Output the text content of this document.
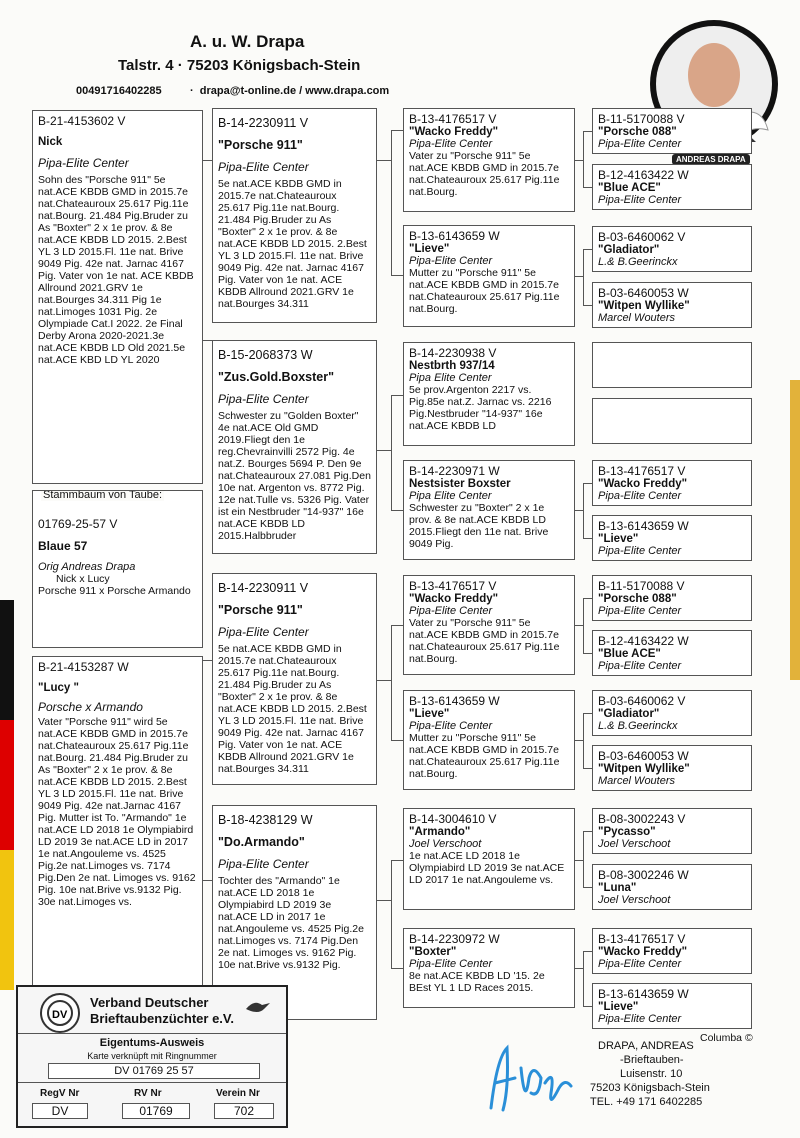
A. u. W. Drapa
Talstr. 4 · 75203 Königsbach-Stein
00491716402285	·  drapa@t-online.de / www.drapa.com
ANDREAS DRAPA
B-21-4153602 V
Nick
Pipa-Elite Center
Sohn des "Porsche 911" 5e nat.ACE KBDB GMD in 2015.7e nat.Chateauroux 25.617 Pig.11e nat.Bourg. 21.484 Pig.Bruder zu As "Boxter" 2 x 1e prov. & 8e nat.ACE KBDB LD 2015. 2.Best YL 3 LD 2015.Fl. 11e nat. Brive 9049 Pig. 42e nat. Jarnac 4167 Pig. Vater von 1e nat. ACE KBDB Allround 2021.GRV 1e nat.Bourges 34.311 Pig 1e nat.Limoges 1031 Pig. 2e Olympiade Cat.I 2022. 2e Final Derby Arona 2020-2021.3e nat.ACE KBDB LD Old 2021.5e nat.ACE KBD LD YL 2020
Stammbaum von Taube:
01769-25-57 V
Blaue 57
Orig Andreas Drapa
Nick x Lucy
Porsche 911 x Porsche Armando
B-21-4153287 W
"Lucy "
Porsche x Armando
Vater "Porsche 911" wird 5e nat.ACE KBDB GMD in 2015.7e nat.Chateauroux 25.617 Pig.11e nat.Bourg. 21.484 Pig.Bruder zu As "Boxter" 2 x 1e prov. & 8e nat.ACE KBDB LD 2015. 2.Best YL 3 LD 2015.Fl. 11e nat. Brive 9049 Pig. 42e nat.Jarnac 4167 Pig. Mutter ist To. "Armando" 1e nat.ACE LD 2018 1e Olympiabird LD 2019 3e nat.ACE LD in 2017 1e nat.Angouleme vs. 4525 Pig.2e nat.Limoges vs. 7174 Pig.Den 2e nat. Limoges vs. 9162 Pig. 10e nat.Brive vs.9132 Pig. 30e nat.Limoges vs.
B-14-2230911 V
"Porsche 911"
Pipa-Elite Center
5e nat.ACE KBDB GMD in 2015.7e nat.Chateauroux 25.617 Pig.11e nat.Bourg. 21.484 Pig.Bruder zu As "Boxter" 2 x 1e prov. & 8e nat.ACE KBDB LD 2015. 2.Best YL 3 LD 2015.Fl. 11e nat. Brive 9049 Pig. 42e nat. Jarnac 4167 Pig. Vater von 1e nat. ACE KBDB Allround 2021.GRV 1e nat.Bourges 34.311
B-15-2068373 W
"Zus.Gold.Boxster"
Pipa-Elite Center
Schwester zu "Golden Boxter" 4e nat.ACE Old GMD 2019.Fliegt den 1e reg.Chevrainvilli 2572 Pig. 4e nat.Z. Bourges 5694 P. Den 9e nat.Chateauroux 27.081 Pig.Den 10e nat. Argenton vs. 8772 Pig. 12e nat.Tulle vs. 5326 Pig. Vater ist ein Nestbruder "14-937" 16e nat.ACE KBDB LD 2015.Halbbruder
B-14-2230911 V
"Porsche 911"
Pipa-Elite Center
5e nat.ACE KBDB GMD in 2015.7e nat.Chateauroux 25.617 Pig.11e nat.Bourg. 21.484 Pig.Bruder zu As "Boxter" 2 x 1e prov. & 8e nat.ACE KBDB LD 2015. 2.Best YL 3 LD 2015.Fl. 11e nat. Brive 9049 Pig. 42e nat. Jarnac 4167 Pig. Vater von 1e nat. ACE KBDB Allround 2021.GRV 1e nat.Bourges 34.311
B-18-4238129 W
"Do.Armando"
Pipa-Elite Center
Tochter des "Armando" 1e nat.ACE LD 2018 1e Olympiabird LD 2019 3e nat.ACE LD in 2017 1e nat.Angouleme vs. 4525 Pig.2e nat.Limoges vs. 7174 Pig.Den 2e nat. Limoges vs. 9162 Pig. 10e nat.Brive vs.9132 Pig.
B-13-4176517 V
"Wacko Freddy"
Pipa-Elite Center
Vater zu "Porsche 911" 5e nat.ACE KBDB GMD in 2015.7e nat.Chateauroux 25.617 Pig.11e nat.Bourg.
B-13-6143659 W
"Lieve"
Pipa-Elite Center
Mutter zu "Porsche 911" 5e nat.ACE KBDB GMD in 2015.7e nat.Chateauroux 25.617 Pig.11e nat.Bourg.
B-14-2230938 V
Nestbrth 937/14
Pipa Elite Center
5e prov.Argenton 2217 vs. Pig.85e nat.Z. Jarnac vs. 2216 Pig.Nestbruder "14-937" 16e nat.ACE KBDB LD
B-14-2230971 W
Nestsister Boxster
Pipa Elite Center
Schwester zu "Boxter" 2 x 1e prov. & 8e nat.ACE KBDB LD 2015.Fliegt den 11e nat. Brive 9049 Pig.
B-13-4176517 V
"Wacko Freddy"
Pipa-Elite Center
Vater zu "Porsche 911" 5e nat.ACE KBDB GMD in 2015.7e nat.Chateauroux 25.617 Pig.11e nat.Bourg.
B-13-6143659 W
"Lieve"
Pipa-Elite Center
Mutter zu "Porsche 911" 5e nat.ACE KBDB GMD in 2015.7e nat.Chateauroux 25.617 Pig.11e nat.Bourg.
B-14-3004610 V
"Armando"
Joel Verschoot
1e nat.ACE LD 2018 1e Olympiabird LD 2019 3e nat.ACE LD 2017 1e nat.Angouleme vs.
B-14-2230972 W
"Boxter"
Pipa-Elite Center
8e nat.ACE KBDB LD '15. 2e BEst YL 1 LD Races 2015.
B-11-5170088 V
"Porsche 088"
Pipa-Elite Center
B-12-4163422 W
"Blue ACE"
Pipa-Elite Center
B-03-6460062 V
"Gladiator"
L.& B.Geerinckx
B-03-6460053 W
"Witpen Wyllike"
Marcel Wouters
B-13-4176517 V
"Wacko Freddy"
Pipa-Elite Center
B-13-6143659 W
"Lieve"
Pipa-Elite Center
B-11-5170088 V
"Porsche 088"
Pipa-Elite Center
B-12-4163422 W
"Blue ACE"
Pipa-Elite Center
B-03-6460062 V
"Gladiator"
L.& B.Geerinckx
B-03-6460053 W
"Witpen Wyllike"
Marcel Wouters
B-08-3002243 V
"Pycasso"
Joel Verschoot
B-08-3002246 W
"Luna"
Joel Verschoot
B-13-4176517 V
"Wacko Freddy"
Pipa-Elite Center
B-13-6143659 W
"Lieve"
Pipa-Elite Center
D V
Verband Deutscher
Brieftaubenzüchter e.V.
Eigentums-Ausweis
Karte verknüpft mit Ringnummer
DV 01769 25 57
RegV Nr	RV Nr	Verein Nr
DV	01769	702
Columba ©
DRAPA, ANDREAS
-Brieftauben-
Luisenstr. 10
75203 Königsbach-Stein
TEL. +49 171 6402285
